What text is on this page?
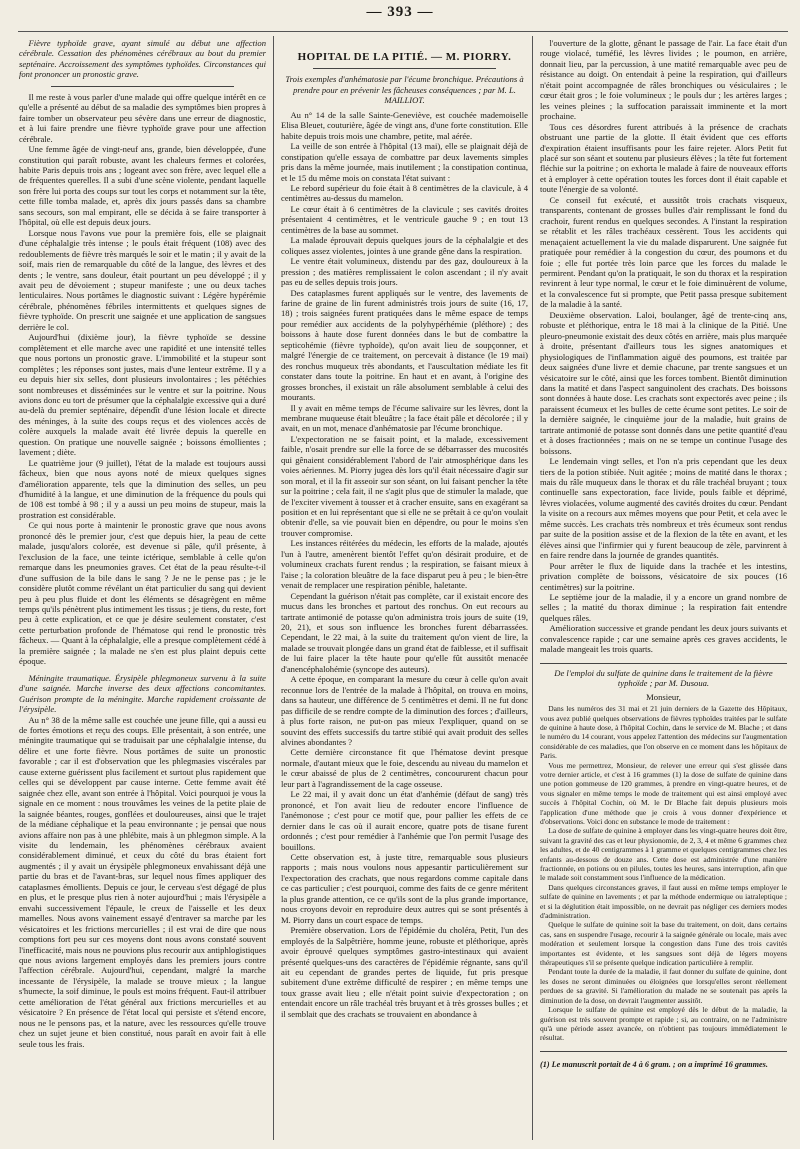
— 393 —

Fièvre typhoïde grave, ayant simulé au début une affection cérébrale. Cessation des phénomènes cérébraux au bout du premier septénaire. Accroissement des symptômes typhoïdes. Circonstances qui font prononcer un pronostic grave.

Il me reste à vous parler d'une malade qui offre quelque intérêt en ce qu'elle a présenté au début de sa maladie des symptômes bien propres à faire tomber un observateur peu sévère dans une erreur de diagnostic, et à lui faire prendre une fièvre typhoïde grave pour une affection cérébrale.

Une femme âgée de vingt-neuf ans, grande, bien développée, d'une constitution qui paraît robuste, avant les chaleurs fermes et colorées, habite Paris depuis trois ans ; logeant avec son frère, avec lequel elle a de fréquentes querelles. Il a subi d'une scène violente, pendant laquelle son frère lui porta des coups sur tout les corps et notamment sur la tête, cette fille tomba malade, et, après dix jours passés dans sa chambre sans secours, son mal empirant, elle se décida à se faire transporter à l'hôpital, où elle est depuis deux jours.

Lorsque nous l'avons vue pour la première fois, elle se plaignait d'une céphalalgie très intense ; le pouls était fréquent (108) avec des redoublements de fièvre très marqués le soir et le matin ; il y avait de la soif, mais rien de remarquable du côté de la langue, des lèvres et des dents ; le ventre, sans douleur, était pourtant un peu développé ; il y avait peu de dévoiement ; stupeur manifeste ; une ou deux taches lenticulaires. Nous portâmes le diagnostic suivant : Légère hypérémie cérébrale, phénomènes fébriles intermittents et quelques signes de fièvre typhoïde. On prescrit une saignée et une application de sangsues derrière le col.

Aujourd'hui (dixième jour), la fièvre typhoïde se dessine complètement et elle marche avec une rapidité et une intensité telles que nous portons un pronostic grave. L'immobilité et la stupeur sont complètes ; les réponses sont justes, mais d'une lenteur extrême. Il y a eu depuis hier six selles, dont plusieurs involontaires ; les pétéchies sont nombreuses et disséminées sur le ventre et sur la poitrine. Nous avions donc eu tort de présumer que la céphalalgie excessive qui a duré au-delà du premier septénaire, dépendît d'une lésion locale et directe des méninges, à la suite des coups reçus et des violences accès de colère auxquels la malade avait été livrée depuis la querelle en question. On pratique une nouvelle saignée ; boissons émollientes ; lavement ; diète.

Le quatrième jour (9 juillet), l'état de la malade est toujours aussi fâcheux, bien que nous ayons noté de mieux quelques signes d'amélioration apparente, tels que la diminution des selles, un peu d'humidité à la langue, et une diminution de la fréquence du pouls qui de 108 est tombé à 98 ; il y a aussi un peu moins de stupeur, mais la prostration est considérable.

Ce qui nous porte à maintenir le pronostic grave que nous avons prononcé dès le premier jour, c'est que depuis hier, la peau de cette malade, jusqu'alors colorée, est devenue si pâle, qu'il présente, à l'exclusion de la face, une teinte ictérique, semblable à celle qu'on remarque dans les pneumonies graves. Cet état de la peau résulte-t-il d'une suffusion de la bile dans le sang ? Je ne le pense pas ; je le considère plutôt comme révélant un état particulier du sang qui devient peu à peu plus fluide et dont les éléments se désagrègent en même temps qu'ils pénètrent plus intimement les tissus ; je tiens, du reste, fort peu à cette explication, et ce que je désire seulement constater, c'est cette perturbation profonde de l'hématose qui rend le pronostic très fâcheux. — Quant à la céphalalgie, elle a presque complètement cédé à la première saignée ; la malade ne s'en est plus plaint depuis cette époque.

Méningite traumatique. Érysipèle phlegmoneux survenu à la suite d'une saignée. Marche inverse des deux affections concomitantes. Guérison prompte de la méningite. Marche rapidement croissante de l'érysipèle.

Au n° 38 de la même salle est couchée une jeune fille, qui a aussi eu de fortes émotions et reçu des coups. Elle présentait, à son entrée, une méningite traumatique qui se traduisait par une céphalalgie intense, du délire et une forte fièvre. Nous portâmes de suite un pronostic favorable ; car il est d'observation que les phlegmasies viscérales par cause externe guérissent plus facilement et surtout plus rapidement que celles qui se développent par cause interne. Cette femme avait été saignée chez elle, avant son entrée à l'hôpital. Voici pourquoi je vous la signale en ce moment : nous trouvâmes les veines de la petite plaie de la saignée béantes, rouges, gonflées et douloureuses, ainsi que le trajet de la médiane céphalique et la peau environnante ; je pensai que nous avions affaire non pas à une phlébite, mais à un phlegmon simple. A la visite du lendemain, les phénomènes cérébraux avaient considérablement diminué, et ceux du côté du bras étaient fort augmentés ; il y avait un érysipèle phlegmoneux envahissant déjà une partie du bras et de l'avant-bras, sur lequel nous fîmes appliquer des cataplasmes émollients. Depuis ce jour, le cerveau s'est dégagé de plus en plus, et le presque plus rien à noter aujourd'hui ; mais l'érysipèle a envahi successivement l'épaule, le creux de l'aisselle et les deux mamelles. Nous avons vainement essayé d'entraver sa marche par les vésicatoires et les frictions mercurielles ; il est vrai de dire que nous comptions fort peu sur ces moyens dont nous avons constaté souvent l'inefficacité, mais nous ne pouvions plus recourir aux antiphlogistiques que nous avions largement employés dans les premiers jours contre l'affection cérébrale. Aujourd'hui, cependant, malgré la marche incessante de l'érysipèle, la malade se trouve mieux ; la langue s'humecte, la soif diminue, le pouls est moins fréquent. Faut-il attribuer cette amélioration de l'état général aux frictions mercurielles et au vésicatoire ? En présence de l'état local qui persiste et s'étend encore, nous ne le pensons pas, et la nature, avec les ressources qu'elle trouve chez un sujet jeune et bien constitué, nous paraît en avoir fait à elle seule tous les frais.

HOPITAL DE LA PITIÉ. — M. PIORRY.

Trois exemples d'anhématosie par l'écume bronchique. Précautions à prendre pour en prévenir les fâcheuses conséquences ; par M. L. MAILLIOT.

Au n° 14 de la salle Sainte-Geneviève, est couchée mademoiselle Elisa Bleuet, couturière, âgée de vingt ans, d'une forte constitution. Elle habite depuis trois mois une chambre, petite, mal aérée.

La veille de son entrée à l'hôpital (13 mai), elle se plaignait déjà de constipation qu'elle essaya de combattre par deux lavements simples pris dans la même journée, mais inutilement ; la constipation continua, et le 15 du même mois on constata l'état suivant :

Le rebord supérieur du foie était à 8 centimètres de la clavicule, à 4 centimètres au-dessus du mamelon.

Le cœur était à 6 centimètres de la clavicule ; ses cavités droites présentaient 4 centimètres, et le ventricule gauche 9 ; en tout 13 centimètres de la base au sommet.

La malade éprouvait depuis quelques jours de la céphalalgie et des coliques assez violentes, jointes à une grande gêne dans la respiration.

Le ventre était volumineux, distendu par des gaz, douloureux à la pression ; des matières remplissaient le colon ascendant ; il n'y avait pas eu de selles depuis trois jours.

Des cataplasmes furent appliqués sur le ventre, des lavements de farine de graine de lin furent administrés trois jours de suite (16, 17, 18) ; trois saignées furent pratiquées dans le même espace de temps pour remédier aux accidents de la polyhypérhémie (pléthore) ; des boissons à haute dose furent données dans le but de combattre la septicohémie (fièvre typhoïde), qu'on avait lieu de soupçonner, et malgré l'énergie de ce traitement, on percevait à distance (le 19 mai) des ronchus muqueux très abondants, et l'auscultation médiate les fit constater dans toute la poitrine. En haut et en avant, à l'origine des grosses bronches, il existait un râle absolument semblable à celui des mourants.

Il y avait en même temps de l'écume salivaire sur les lèvres, dont la membrane muqueuse était bleuâtre ; la face était pâle et décolorée ; il y avait, en un mot, menace d'anhématosie par l'écume bronchique.

L'expectoration ne se faisait point, et la malade, excessivement faible, n'osait prendre sur elle la force de se débarrasser des mucosités qui gênaient considérablement l'abord de l'air atmosphérique dans les voies aériennes. M. Piorry jugea dès lors qu'il était nécessaire d'agir sur son moral, et il la fit asseoir sur son séant, on lui faisant pencher la tête sur la poitrine ; cela fait, il ne s'agit plus que de stimuler la malade, que de l'exciter vivement à tousser et à cracher ensuite, sans en exagérant sa position et en lui représentant que si elle ne se prêtait à ce qu'on voulait obtenir d'elle, sa vie pouvait bien en dépendre, ou pour le moins s'en trouver compromise.

Les instances réitérées du médecin, les efforts de la malade, ajoutés l'un à l'autre, amenèrent bientôt l'effet qu'on désirait produire, et de volumineux crachats furent rendus ; la respiration, se faisant mieux à l'aise ; la coloration bleuâtre de la face disparut peu à peu ; le bien-être venait de remplacer une respiration pénible, haletante.

Cependant la guérison n'était pas complète, car il existait encore des mucus dans les bronches et partout des ronchus. On eut recours au tartrate antimonié de potasse qu'on administra trois jours de suite (19, 20, 21), et sous son influence les bronches furent débarrassées. Cependant, le 22 mai, à la suite du traitement qu'on vient de lire, la malade se trouvait plongée dans un grand état de faiblesse, et il suffisait de lui faire placer la tête haute pour qu'elle fût aussitôt menacée d'anencéphalohémie (syncope des auteurs).

A cette époque, en comparant la mesure du cœur à celle qu'on avait reconnue lors de l'entrée de la malade à l'hôpital, on trouva en moins, dans sa hauteur, une différence de 5 centimètres et demi. Il ne fut donc pas difficile de se rendre compte de la diminution des forces ; d'ailleurs, à plus forte raison, ne put-on pas mieux l'expliquer, quand on se souvint des effets successifs du tartre stibié qui avait produit des selles alvines abondantes ?

Cette dernière circonstance fit que l'hématose devint presque normale, d'autant mieux que le foie, descendu au niveau du mamelon et le cœur abaissé de plus de 2 centimètres, concoururent chacun pour leur part à l'agrandissement de la cage osseuse.

Le 22 mai, il y avait donc un état d'anhémie (défaut de sang) très prononcé, et l'on avait lieu de redouter encore l'influence de l'anémonose ; c'est pour ce motif que, pour pallier les effets de ce dernier dans le cas où il aurait encore, quatre pots de tisane furent ordonnés ; c'est pour remédier à l'anhémie que l'on permit l'usage des bouillons.

Cette observation est, à juste titre, remarquable sous plusieurs rapports ; mais nous voulons nous appesantir particulièrement sur l'expectoration des crachats, que nous regardons comme capitale dans ce cas particulier ; c'est pourquoi, comme des faits de ce genre méritent la plus grande attention, ce ce qu'ils sont de la plus grande importance, nous croyons devoir en reproduire deux autres qui se sont présentés à M. Piorry dans un court espace de temps.

Première observation. Lors de l'épidémie du choléra, Petit, l'un des employés de la Salpêtrière, homme jeune, robuste et pléthorique, après avoir éprouvé quelques symptômes gastro-intestinaux qui avaient présenté quelques-uns des caractères de l'épidémie régnante, sans qu'il ait eu cependant de grandes pertes de liquide, fut pris presque subitement d'une extrême difficulté de respirer ; en même temps une toux grasse avait lieu ; elle n'était point suivie d'expectoration ; on entendait encore un râle trachéal très bruyant et à très grosses bulles ; et il semblait que des crachats se trouvaient en abondance à

l'ouverture de la glotte, gênant le passage de l'air. La face était d'un rouge violacé, tuméfié, les lèvres livides ; le poumon, en arrière, donnait lieu, par la percussion, à une matité remarquable avec peu de résistance au doigt. On entendait à peine la respiration, qui d'ailleurs n'était point accompagnée de râles bronchiques ou vésiculaires ; le cœur était gros ; le foie volumineux ; le pouls dur ; les artères larges ; les veines pleines ; la suffocation paraissait imminente et la mort prochaine.

Tous ces désordres furent attribués à la présence de crachats obstruant une partie de la glotte. Il était évident que ces efforts d'expiration étaient insuffisants pour les faire rejeter. Alors Petit fut placé sur son séant et soutenu par plusieurs élèves ; la tête fut fortement fléchie sur la poitrine ; on exhorta le malade à faire de nouveaux efforts et à employer à cette opération toutes les forces dont il était capable et toute l'énergie de sa volonté.

Ce conseil fut exécuté, et aussitôt trois crachats visqueux, transparents, contenant de grosses bulles d'air remplissant le fond du crachoir, furent rendus en quelques secondes. A l'instant la respiration se rétablit et les râles trachéaux cessèrent. Tous les accidents qui menaçaient actuellement la vie du malade disparurent. Une saignée fut pratiquée pour remédier à la congestion du cœur, des poumons et du foie ; elle fut portée très loin parce que les forces du malade le permirent. Pendant qu'on la pratiquait, le son du thorax et la respiration revinrent à leur type normal, le cœur et le foie diminuèrent de volume, et la convalescence fut si prompte, que Petit passa presque subitement de la maladie à la santé.

Deuxième observation. Laloi, boulanger, âgé de trente-cinq ans, robuste et pléthorique, entra le 18 mai à la clinique de la Pitié. Une pleuro-pneumonie existait des deux côtés en arrière, mais plus marquée à droite, présentant d'ailleurs tous les signes anatomiques et physiologiques de l'inflammation aiguë des poumons, est traitée par deux saignées d'une livre et demie chacune, par trente sangsues et un vésicatoire sur le côté, ainsi que les forces tombent. Bientôt diminution dans la matité et dans l'aspect sanguinolent des crachats. Des boissons sont données à haute dose. Les crachats sont expectorés avec peine ; ils paraissent écumeux et les bulles de cette écume sont petites. Le soir de la dernière saignée, le cinquième jour de la maladie, huit grains de tartrate antimonié de potasse sont donnés dans une petite quantité d'eau et à doses fractionnées ; mais on ne se tempe un continue l'usage des boissons.

Le lendemain vingt selles, et l'on n'a pris cependant que les deux tiers de la potion stibiée. Nuit agitée ; moins de matité dans le thorax ; mais du râle muqueux dans le thorax et du râle trachéal bruyant ; toux continuelle sans expectoration, face livide, pouls faible et déprimé, lèvres violacées, volume augmenté des cavités droites du cœur. Pendant la visite on a recours aux mêmes moyens que pour Petit, et cela avec le même succès. Les crachats très nombreux et très écumeux sont rendus par suite de la position assise et de la flexion de la tête en avant, et les élèves ainsi que l'infirmier qui y furent beaucoup de zèle, parvinrent à en faire rendre dans la journée de grandes quantités.

Pour arrêter le flux de liquide dans la trachée et les intestins, privation complète de boissons, vésicatoire de six pouces (16 centimètres) sur la poitrine.

Le septième jour de la maladie, il y a encore un grand nombre de selles ; la matité du thorax diminue ; la respiration fait entendre quelques râles.

Amélioration successive et grande pendant les deux jours suivants et convalescence rapide ; car une semaine après ces graves accidents, le malade mangeait les trois quarts.

De l'emploi du sulfate de quinine dans le traitement de la fièvre typhoïde ; par M. Dusoua.

Monsieur,

Dans les numéros des 31 mai et 21 juin derniers de la Gazette des Hôpitaux, vous avez publié quelques observations de fièvres typhoïdes traitées par le sulfate de quinine à haute dose, à l'hôpital Cochin, dans le service de M. Blache ; et dans le numéro du 14 courant, vous appelez l'attention des médecins sur l'augmentation considérable de ces maladies, que l'on observe en ce moment dans les hôpitaux de Paris.

Vous me permettrez, Monsieur, de relever une erreur qui s'est glissée dans votre dernier article, et c'est à 16 grammes (1) la dose de sulfate de quinine dans une potion gommeuse de 120 grammes, à prendre en vingt-quatre heures, et de vous signaler en même temps le mode de traitement qui est ainsi employé avec succès à l'hôpital Cochin, où M. le Dr Blache fait depuis plusieurs mois l'application d'une méthode que je crois à vous donner d'expérience et d'observations. Voici donc en substance le mode de traitement :

La dose de sulfate de quinine à employer dans les vingt-quatre heures doit être, suivant la gravité des cas et leur physionomie, de 2, 3, 4 et même 6 grammes chez les adultes, et de 40 centigrammes à 1 gramme et quelques centigrammes chez les enfants au-dessous de douze ans. Cette dose est administrée d'une manière fractionnée, en potions ou en pilules, toutes les heures, sans interruption, afin que le malade soit constamment sous l'influence de la médication.

Dans quelques circonstances graves, il faut aussi en même temps employer le sulfate de quinine en lavements ; et par la méthode endermique ou iatraleptique ; et si la déglutition était impossible, on ne devrait pas négliger ces derniers modes d'administration.

Quelque le sulfate de quinine soit la base du traitement, on doit, dans certains cas, sans en suspendre l'usage, recourir à la saignée générale ou locale, mais avec modération et seulement lorsque la congestion dans l'une des trois cavités importantes est évidente, et les sangsues sont déjà de légers moyens thérapeutiques s'il se présente quelque indication particulière à remplir.

Pendant toute la durée de la maladie, il faut donner du sulfate de quinine, dont les doses ne seront diminuées ou éloignées que lorsqu'elles seront réellement perdues de sa gravité. Si l'amélioration du malade ne se soutenait pas après la diminution de la dose, on devrait l'augmenter aussitôt.

Lorsque le sulfate de quinine est employé dès le début de la maladie, la guérison est très souvent prompte et rapide ; si, au contraire, on ne l'administre qu'à une période assez avancée, on n'obtient pas toujours immédiatement le résultat.

(1) Le manuscrit portait de 4 à 6 gram. ; on a imprimé 16 grammes.
